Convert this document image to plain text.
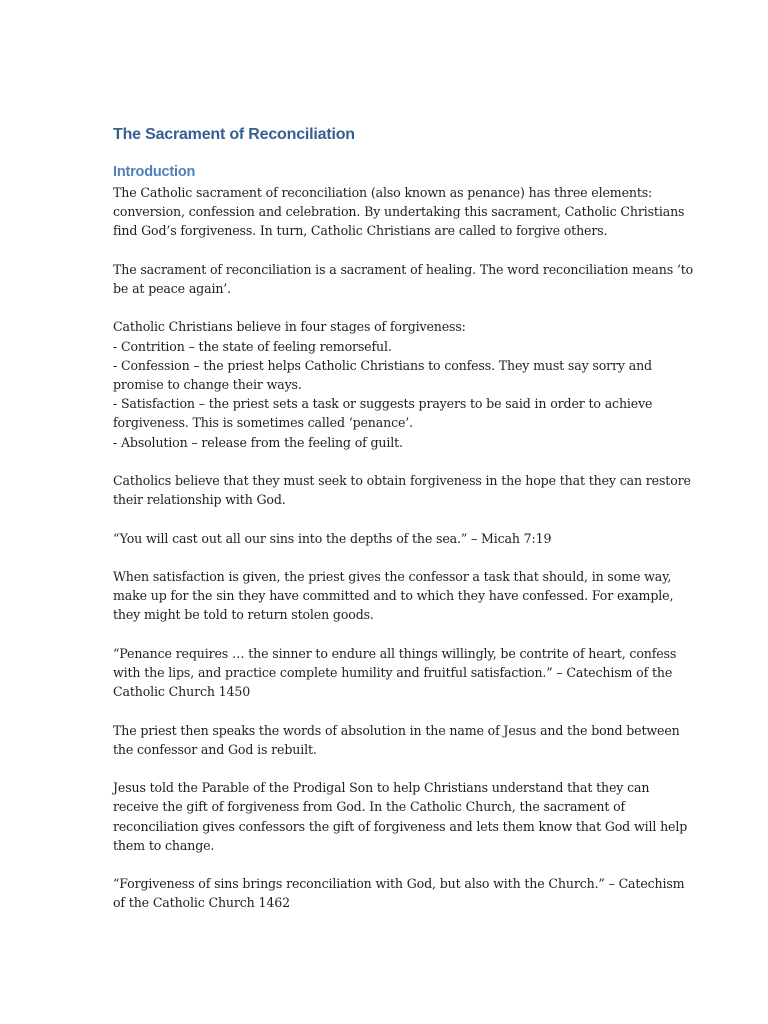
The Sacrament of Reconciliation
Introduction
The Catholic sacrament of reconciliation (also known as penance) has three elements:
conversion, confession and celebration. By undertaking this sacrament, Catholic Christians
find God’s forgiveness. In turn, Catholic Christians are called to forgive others.
The sacrament of reconciliation is a sacrament of healing. The word reconciliation means ‘to
be at peace again’.
Catholic Christians believe in four stages of forgiveness:
- Contrition – the state of feeling remorseful.
- Confession – the priest helps Catholic Christians to confess. They must say sorry and
promise to change their ways.
- Satisfaction – the priest sets a task or suggests prayers to be said in order to achieve
forgiveness. This is sometimes called ‘penance’.
- Absolution – release from the feeling of guilt.
Catholics believe that they must seek to obtain forgiveness in the hope that they can restore
their relationship with God.
“You will cast out all our sins into the depths of the sea.” – Micah 7:19
When satisfaction is given, the priest gives the confessor a task that should, in some way,
make up for the sin they have committed and to which they have confessed. For example,
they might be told to return stolen goods.
“Penance requires … the sinner to endure all things willingly, be contrite of heart, confess
with the lips, and practice complete humility and fruitful satisfaction.” – Catechism of the
Catholic Church 1450
The priest then speaks the words of absolution in the name of Jesus and the bond between
the confessor and God is rebuilt.
Jesus told the Parable of the Prodigal Son to help Christians understand that they can
receive the gift of forgiveness from God. In the Catholic Church, the sacrament of
reconciliation gives confessors the gift of forgiveness and lets them know that God will help
them to change.
“Forgiveness of sins brings reconciliation with God, but also with the Church.” – Catechism
of the Catholic Church 1462
